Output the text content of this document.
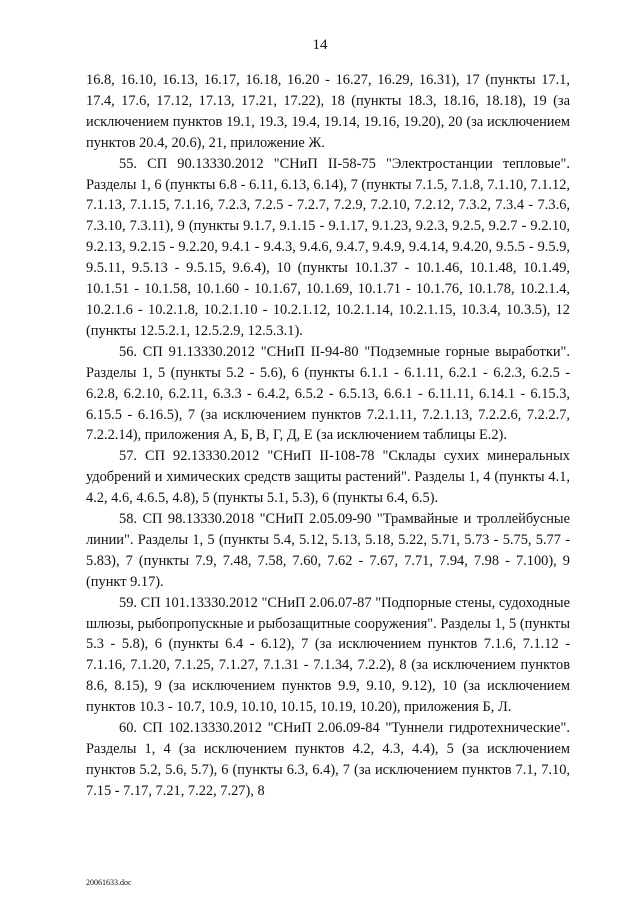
14

16.8, 16.10, 16.13, 16.17, 16.18, 16.20 - 16.27, 16.29, 16.31), 17 (пункты 17.1, 17.4, 17.6, 17.12, 17.13, 17.21, 17.22), 18 (пункты 18.3, 18.16, 18.18), 19 (за исключением пунктов 19.1, 19.3, 19.4, 19.14, 19.16, 19.20), 20 (за исключением пунктов 20.4, 20.6), 21, приложение Ж.

55. СП 90.13330.2012 "СНиП II-58-75 "Электростанции тепловые". Разделы 1, 6 (пункты 6.8 - 6.11, 6.13, 6.14), 7 (пункты 7.1.5, 7.1.8, 7.1.10, 7.1.12, 7.1.13, 7.1.15, 7.1.16, 7.2.3, 7.2.5 - 7.2.7, 7.2.9, 7.2.10, 7.2.12, 7.3.2, 7.3.4 - 7.3.6, 7.3.10, 7.3.11), 9 (пункты 9.1.7, 9.1.15 - 9.1.17, 9.1.23, 9.2.3, 9.2.5, 9.2.7 - 9.2.10, 9.2.13, 9.2.15 - 9.2.20, 9.4.1 - 9.4.3, 9.4.6, 9.4.7, 9.4.9, 9.4.14, 9.4.20, 9.5.5 - 9.5.9, 9.5.11, 9.5.13 - 9.5.15, 9.6.4), 10 (пункты 10.1.37 - 10.1.46, 10.1.48, 10.1.49, 10.1.51 - 10.1.58, 10.1.60 - 10.1.67, 10.1.69, 10.1.71 - 10.1.76, 10.1.78, 10.2.1.4, 10.2.1.6 - 10.2.1.8, 10.2.1.10 - 10.2.1.12, 10.2.1.14, 10.2.1.15, 10.3.4, 10.3.5), 12 (пункты 12.5.2.1, 12.5.2.9, 12.5.3.1).

56. СП 91.13330.2012 "СНиП II-94-80 "Подземные горные выработки". Разделы 1, 5 (пункты 5.2 - 5.6), 6 (пункты 6.1.1 - 6.1.11, 6.2.1 - 6.2.3, 6.2.5 - 6.2.8, 6.2.10, 6.2.11, 6.3.3 - 6.4.2, 6.5.2 - 6.5.13, 6.6.1 - 6.11.11, 6.14.1 - 6.15.3, 6.15.5 - 6.16.5), 7 (за исключением пунктов 7.2.1.11, 7.2.1.13, 7.2.2.6, 7.2.2.7, 7.2.2.14), приложения А, Б, В, Г, Д, Е (за исключением таблицы Е.2).

57. СП 92.13330.2012 "СНиП II-108-78 "Склады сухих минеральных удобрений и химических средств защиты растений". Разделы 1, 4 (пункты 4.1, 4.2, 4.6, 4.6.5, 4.8), 5 (пункты 5.1, 5.3), 6 (пункты 6.4, 6.5).

58. СП 98.13330.2018 "СНиП 2.05.09-90 "Трамвайные и троллейбусные линии". Разделы 1, 5 (пункты 5.4, 5.12, 5.13, 5.18, 5.22, 5.71, 5.73 - 5.75, 5.77 - 5.83), 7 (пункты 7.9, 7.48, 7.58, 7.60, 7.62 - 7.67, 7.71, 7.94, 7.98 - 7.100), 9 (пункт 9.17).

59. СП 101.13330.2012 "СНиП 2.06.07-87 "Подпорные стены, судоходные шлюзы, рыбопропускные и рыбозащитные сооружения". Разделы 1, 5 (пункты 5.3 - 5.8), 6 (пункты 6.4 - 6.12), 7 (за исключением пунктов 7.1.6, 7.1.12 - 7.1.16, 7.1.20, 7.1.25, 7.1.27, 7.1.31 - 7.1.34, 7.2.2), 8 (за исключением пунктов 8.6, 8.15), 9 (за исключением пунктов 9.9, 9.10, 9.12), 10 (за исключением пунктов 10.3 - 10.7, 10.9, 10.10, 10.15, 10.19, 10.20), приложения Б, Л.

60. СП 102.13330.2012 "СНиП 2.06.09-84 "Туннели гидротехнические". Разделы 1, 4 (за исключением пунктов 4.2, 4.3, 4.4), 5 (за исключением пунктов 5.2, 5.6, 5.7), 6 (пункты 6.3, 6.4), 7 (за исключением пунктов 7.1, 7.10, 7.15 - 7.17, 7.21, 7.22, 7.27), 8

20061633.doc
